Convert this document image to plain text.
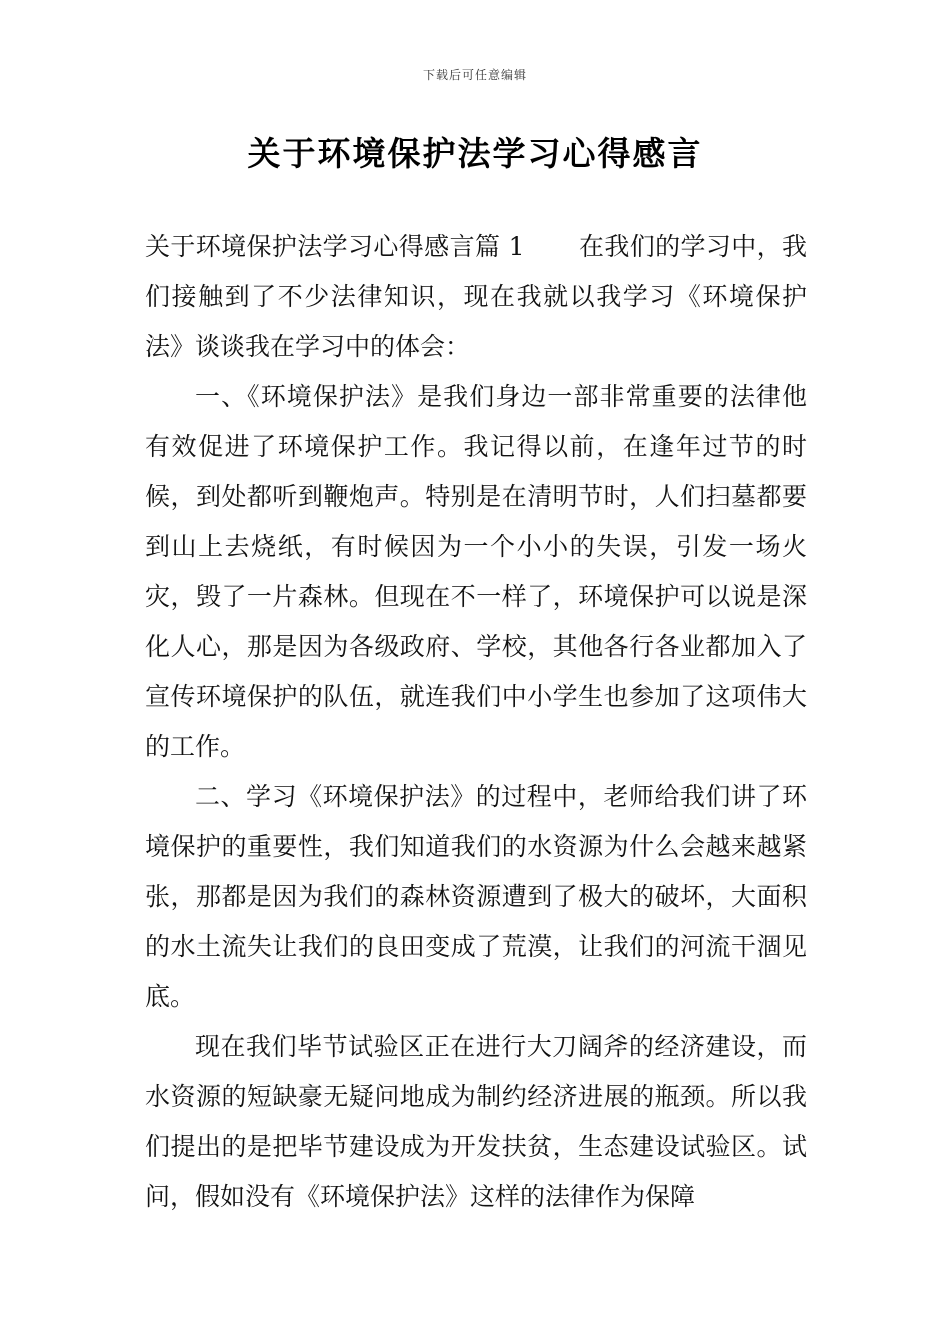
下载后可任意编辑
关于环境保护法学习心得感言

关于环境保护法学习心得感言篇 1 在我们的学习中，我们接触到了不少法律知识，现在我就以我学习《环境保护法》谈谈我在学习中的体会：

一、《环境保护法》是我们身边一部非常重要的法律他有效促进了环境保护工作。我记得以前，在逢年过节的时候，到处都听到鞭炮声。特别是在清明节时，人们扫墓都要到山上去烧纸，有时候因为一个小小的失误，引发一场火灾，毁了一片森林。但现在不一样了，环境保护可以说是深化人心，那是因为各级政府、学校，其他各行各业都加入了宣传环境保护的队伍，就连我们中小学生也参加了这项伟大的工作。

二、学习《环境保护法》的过程中，老师给我们讲了环境保护的重要性，我们知道我们的水资源为什么会越来越紧张，那都是因为我们的森林资源遭到了极大的破坏，大面积的水土流失让我们的良田变成了荒漠，让我们的河流干涸见底。

现在我们毕节试验区正在进行大刀阔斧的经济建设，而水资源的短缺豪无疑问地成为制约经济进展的瓶颈。所以我们提出的是把毕节建设成为开发扶贫，生态建设试验区。试问，假如没有《环境保护法》这样的法律作为保障
